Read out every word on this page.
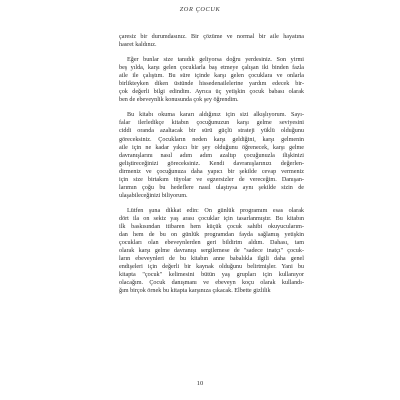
ZOR ÇOCUK
çaresiz bir durumdasınız. Bir çözüme ve normal bir aile hayatına
hasret kaldınız.
Eğer bunlar size tanıdık geliyorsa doğru yerdesiniz. Son yirmi
beş yılda, karşı gelen çocuklarla baş etmeye çalışan iki binden fazla
aile ile çalıştım. Bu süre içinde karşı gelen çocuklara ve onlarla
birlikteyken diken üstünde hissedenailelerine yardım edecek bir-
çok değerli bilgi edindim. Ayrıca üç yetişkin çocuk babası olarak
ben de ebeveynlik konusunda çok şey öğrendim.
Bu kitabı okuma kararı aldığınız için sizi alkışlıyorum. Sayı-
falar ilerledikçe kitabın çocuğunuzun karşı gelme seviyesini
ciddi oranda azaltacak bir sürü güçlü strateji yüklü olduğunu
göreceksiniz. Çocukların neden karşı geldiğini, karşı gelmenin
aile için ne kadar yıkıcı bir şey olduğunu öğrenecek, karşı gelme
davranışlarını nasıl adım adım azaltıp çocuğunuzla ilişkinizi
geliştireceğinizi göreceksiniz. Kendi davranışlarınızı değerlen-
dirmeniz ve çocuğunuza daha yapıcı bir şekilde cevap vermeniz
için size birtakım tüyolar ve egzersizler de vereceğim. Danışan-
larımın çoğu bu hedeflere nasıl ulaştıysa aynı şekilde sizin de
ulaşabileceğinizi biliyorum.
Lütfen şuna dikkat edin: On günlük programım esas olarak
dört ila on sekiz yaş arası çocuklar için tasarlanmıştır. Bu kitabın
ilk baskısından itibaren hem küçük çocuk sahibi okuyucularım-
dan hem de bu on günlük programdan fayda sağlamış yetişkin
çocukları olan ebeveynlerden geri bildirim aldım. Dahası, tam
olarak karşı gelme davranışı sergilemese de "sadece inatçı" çocuk-
ların ebeveynleri de bu kitabın anne babalıkla ilgili daha genel
endişeleri için değerli bir kaynak olduğunu belirtmişler. Yani bu
kitapta "çocuk" kelimesini bütün yaş grupları için kullanıyor
olacağım. Çocuk danışmanı ve ebeveyn koçu olarak kullandı-
ğım birçok örnek bu kitapta karşınıza çıkacak. Elbette gizlilik
10
